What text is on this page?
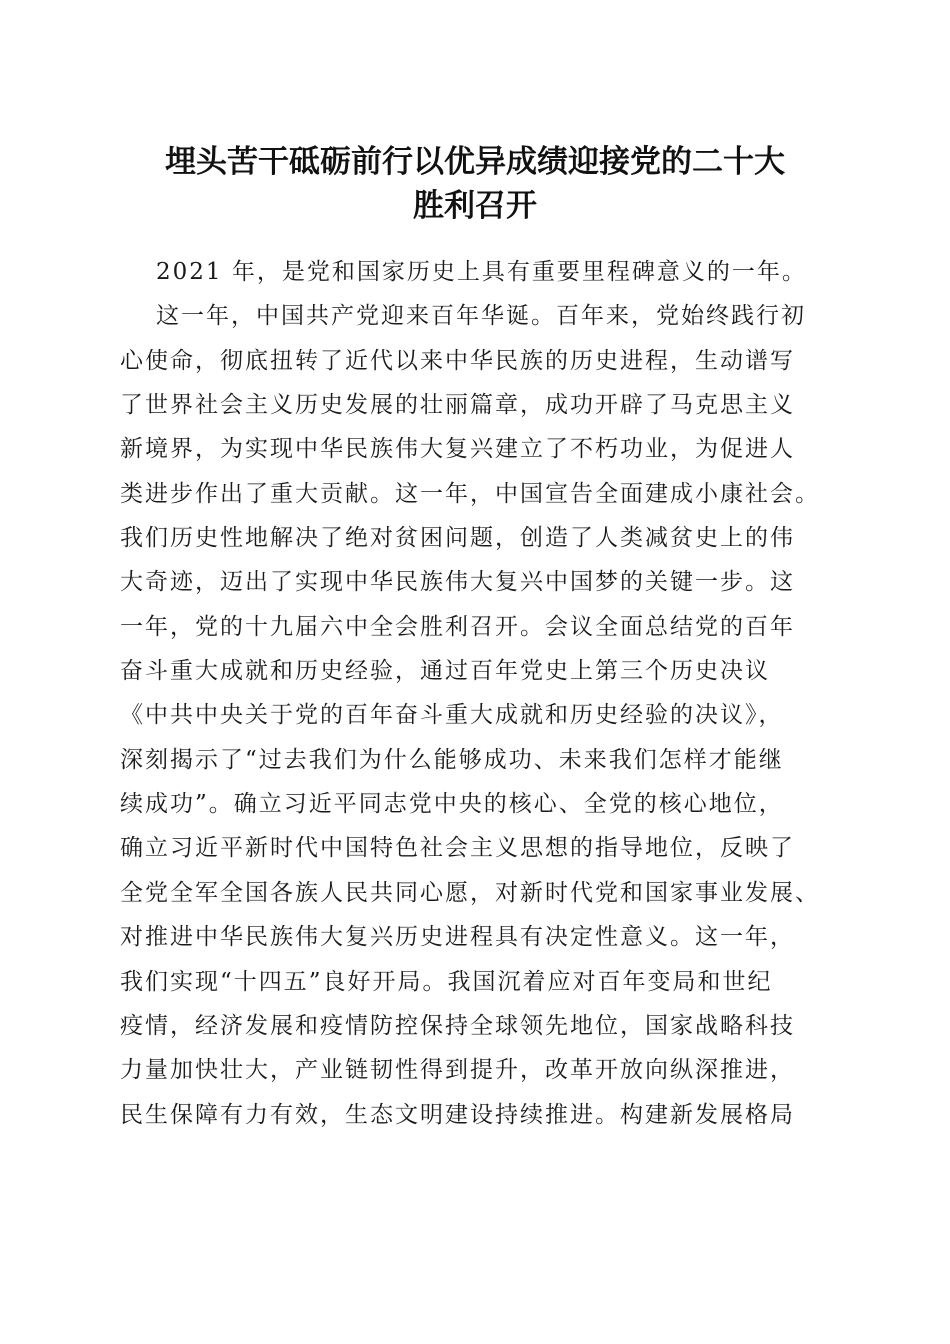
埋头苦干砥砺前行以优异成绩迎接党的二十大
胜利召开
2021 年，是党和国家历史上具有重要里程碑意义的一年。
这一年，中国共产党迎来百年华诞。百年来，党始终践行初
心使命，彻底扭转了近代以来中华民族的历史进程，生动谱写
了世界社会主义历史发展的壮丽篇章，成功开辟了马克思主义
新境界，为实现中华民族伟大复兴建立了不朽功业，为促进人
类进步作出了重大贡献。这一年，中国宣告全面建成小康社会。
我们历史性地解决了绝对贫困问题，创造了人类减贫史上的伟
大奇迹，迈出了实现中华民族伟大复兴中国梦的关键一步。这
一年，党的十九届六中全会胜利召开。会议全面总结党的百年
奋斗重大成就和历史经验，通过百年党史上第三个历史决议
《中共中央关于党的百年奋斗重大成就和历史经验的决议》，
深刻揭示了“过去我们为什么能够成功、未来我们怎样才能继
续成功”。确立习近平同志党中央的核心、全党的核心地位，
确立习近平新时代中国特色社会主义思想的指导地位，反映了
全党全军全国各族人民共同心愿，对新时代党和国家事业发展、
对推进中华民族伟大复兴历史进程具有决定性意义。这一年，
我们实现“十四五”良好开局。我国沉着应对百年变局和世纪
疫情，经济发展和疫情防控保持全球领先地位，国家战略科技
力量加快壮大，产业链韧性得到提升，改革开放向纵深推进，
民生保障有力有效，生态文明建设持续推进。构建新发展格局
